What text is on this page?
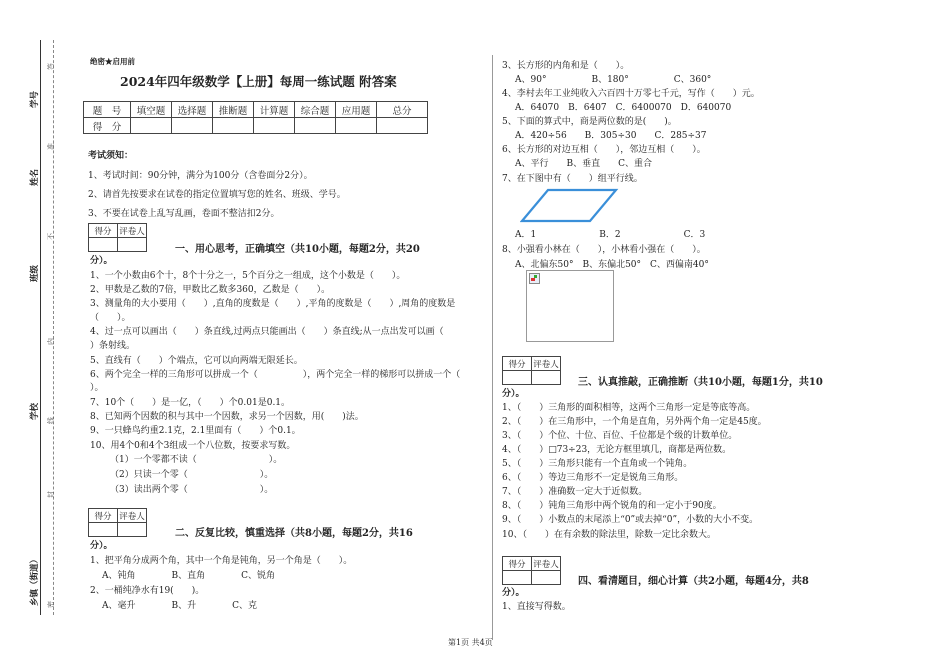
学号
姓名
班级
学校
乡镇（街道） 密
封
线
内
不
准
答
绝密★启用前
2024年四年级数学【上册】每周一练试题 附答案
题　号	填空题	选择题	推断题	计算题	综合题	应用题	总分
得　分							
考试须知：
1、考试时间：90分钟，满分为100分（含卷面分2分）。
2、请首先按要求在试卷的指定位置填写您的姓名、班级、学号。
3、不要在试卷上乱写乱画，卷面不整洁扣2分。
得分	评卷人

一、用心思考，正确填空（共10小题，每题2分，共20
分）。
1、一个小数由6个十，8个十分之一，5个百分之一组成，这个小数是（　　）。
2、甲数是乙数的7倍，甲数比乙数多360，乙数是（　　）。
3、测量角的大小要用（　　）,直角的度数是（　　）,平角的度数是（　　）,周角的度数是
（　　）。
4、过一点可以画出（　　）条直线,过两点只能画出（　　）条直线;从一点出发可以画（
）条射线。
5、直线有（　　）个端点，它可以向两端无限延长。
6、两个完全一样的三角形可以拼成一个（　　　　　），两个完全一样的梯形可以拼成一个（
）。
7、10个（　　）是一亿，（　　）个0.01是0.1。
8、已知两个因数的积与其中一个因数，求另一个因数，用(　　)法。
9、一只蜂鸟约重2.1克，2.1里面有（　　）个0.1。
10、用4个0和4个3组成一个八位数，按要求写数。
（1）一个零都不读（　　　　　　　　）。
（2）只读一个零（　　　　　　　　）。
（3）读出两个零（　　　　　　　　）。
得分	评卷人

二、反复比较，慎重选择（共8小题，每题2分，共16
分）。
1、把平角分成两个角，其中一个角是钝角，另一个角是（　　）。
A、钝角　　　　B、直角　　　　C、锐角
2、一桶纯净水有19(　　)。
A、毫升　　　　B、升　　　　C、克
3、长方形的内角和是（　　）。
A、90°　　　　　B、180°　　　　　C、360°
4、李村去年工业纯收入六百四十万零七千元，写作（　　）元。
A．64070　B．6407　C．6400070　D．640070
5、下面的算式中，商是两位数的是(　　)。
A．420÷56　　B．305÷30　　C．285÷37
6、长方形的对边互相（　　），邻边互相（　　）。
A、平行　　B、垂直　　C、重合
7、在下图中有（　　）组平行线。
A．1　　　　　　　B．2　　　　　　　C．3
8、小强看小林在（　　），小林看小强在（　　）。
A、北偏东50°　B、东偏北50°　C、西偏南40°
得分	评卷人

三、认真推敲，正确推断（共10小题，每题1分，共10
分）。
1、（　　）三角形的面积相等，这两个三角形一定是等底等高。
2、（　　）在三角形中，一个角是直角，另外两个角一定是45度。
3、（　　）个位、十位、百位、千位都是个级的计数单位。
4、（　　）□73÷23，无论方框里填几，商都是两位数。
5、（　　）三角形只能有一个直角或一个钝角。
6、（　　）等边三角形不一定是锐角三角形。
7、（　　）准确数一定大于近似数。
8、（　　）钝角三角形中两个锐角的和一定小于90度。
9、（　　）小数点的末尾添上“0”或去掉“0”，小数的大小不变。
10、（　　）在有余数的除法里，除数一定比余数大。
得分	评卷人

四、看清题目，细心计算（共2小题，每题4分，共8
分）。
1、直接写得数。
第1页 共4页
